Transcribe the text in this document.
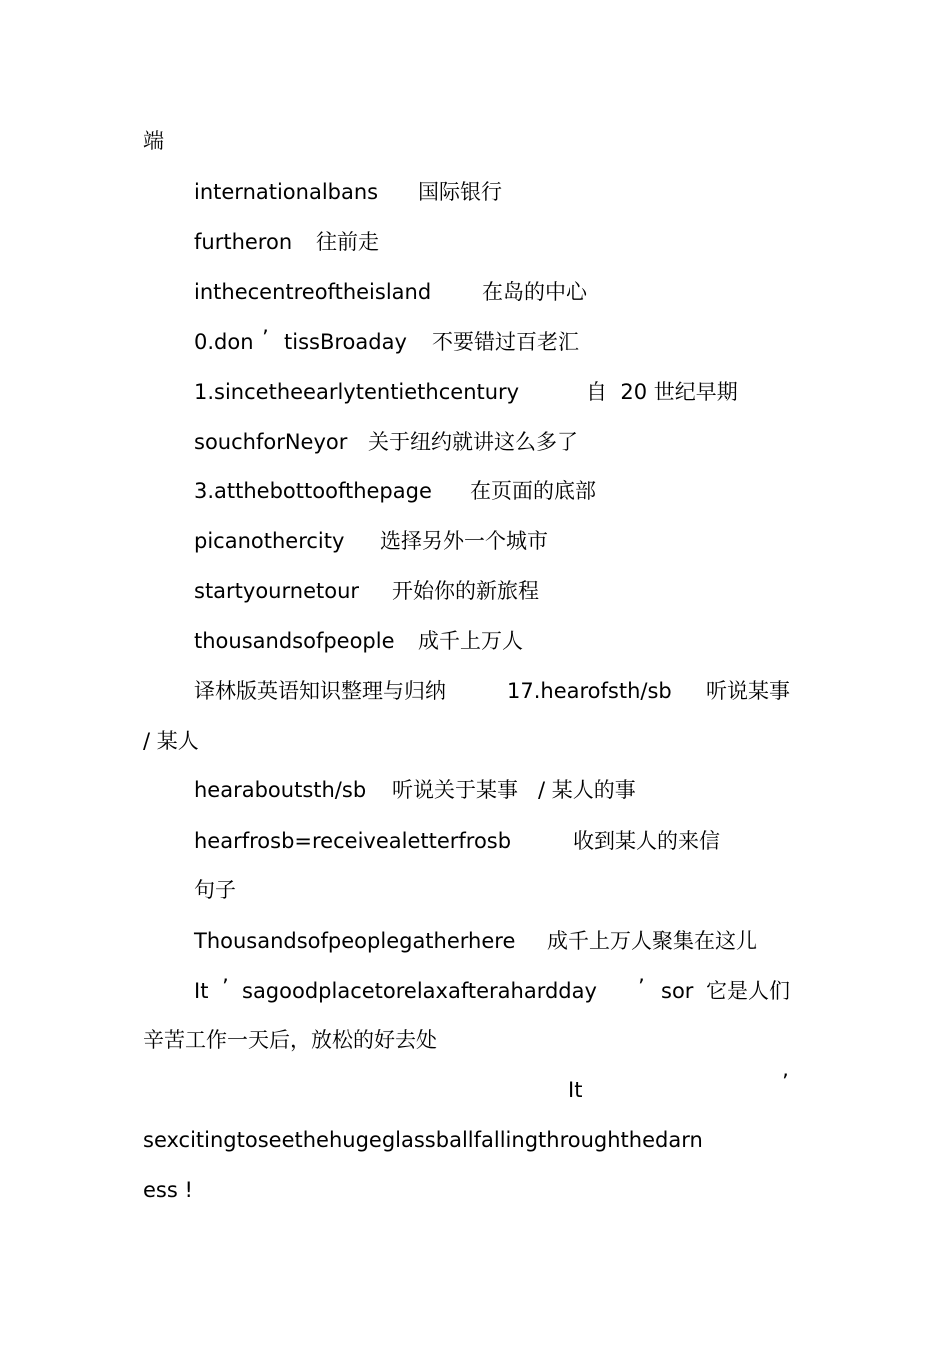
端
internationalbans 国际银行
furtheron 往前走
inthecentreoftheisland 在岛的中心
0.don ’ tissBroaday 不要错过百老汇
1.sincetheearlytentiethcentury	自  20 世纪早期
souchforNeyor 关于纽约就讲这么多了
3.atthebottoofthepage 在页面的底部
picanothercity 选择另外一个城市
startyournetour 开始你的新旅程
thousandsofpeople 成千上万人
译林版英语知识整理与归纳	17.hearofsth/sb 听说某事
/ 某人
hearaboutsth/sb 听说关于某事   / 某人的事
hearfrosb=receivealetterfrosb	收到某人的来信
句子
Thousandsofpeoplegatherhere 成千上万人聚集在这儿
It ’ sagoodplacetorelaxafterahardday ’ sor 它是人们
辛苦工作一天后，放松的好去处
It	’
sexcitingtoseethehugeglassballfallingthroughthedarn
ess !
